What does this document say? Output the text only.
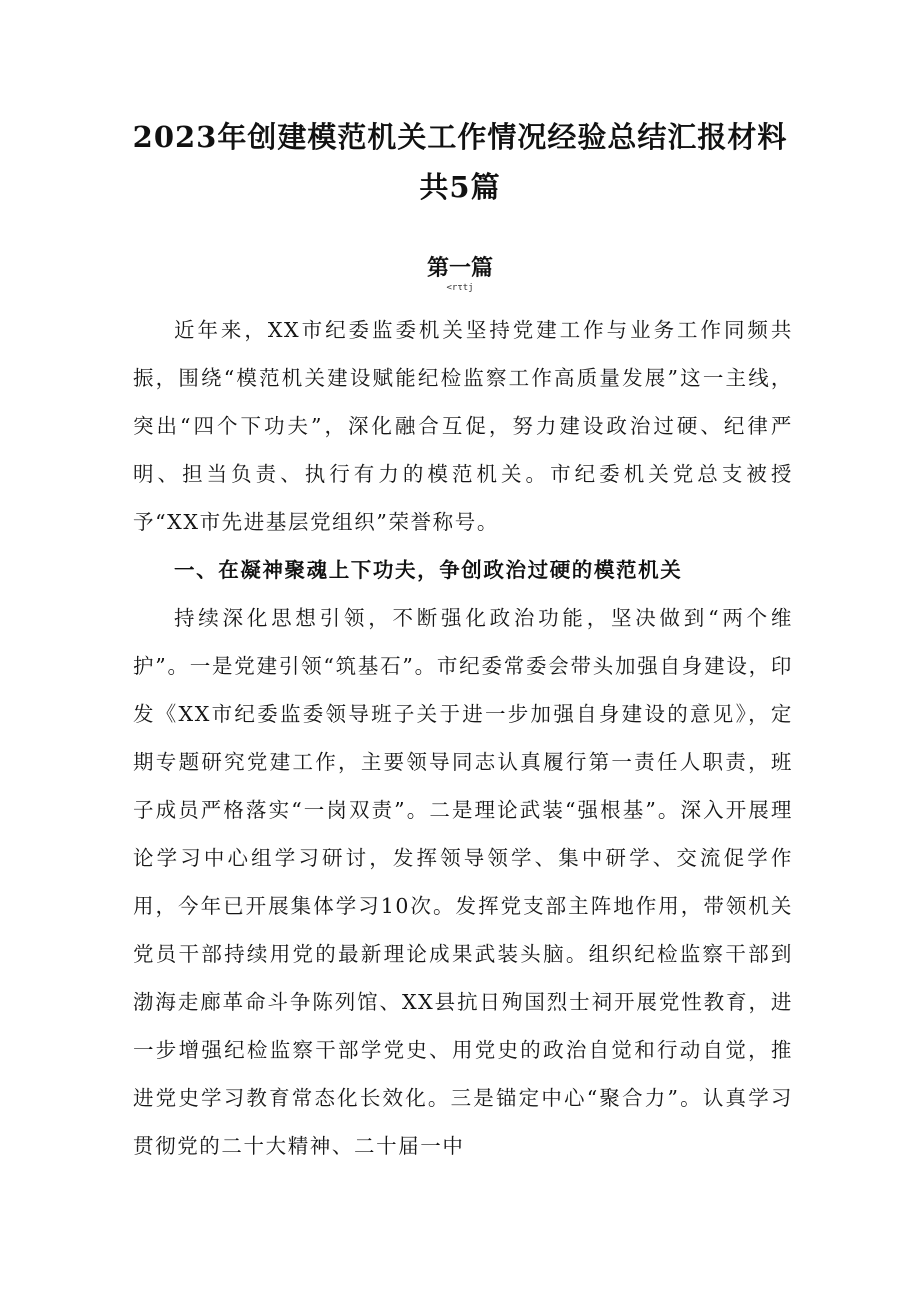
2023年创建模范机关工作情况经验总结汇报材料
共5篇
第一篇
<rτtj
近年来，XX市纪委监委机关坚持党建工作与业务工作同频共振，围绕“模范机关建设赋能纪检监察工作高质量发展”这一主线，突出“四个下功夫”，深化融合互促，努力建设政治过硬、纪律严明、担当负责、执行有力的模范机关。市纪委机关党总支被授予“XX市先进基层党组织”荣誉称号。
一、在凝神聚魂上下功夫，争创政治过硬的模范机关
持续深化思想引领，不断强化政治功能，坚决做到“两个维护”。一是党建引领“筑基石”。市纪委常委会带头加强自身建设，印发《XX市纪委监委领导班子关于进一步加强自身建设的意见》，定期专题研究党建工作，主要领导同志认真履行第一责任人职责，班子成员严格落实“一岗双责”。二是理论武装“强根基”。深入开展理论学习中心组学习研讨，发挥领导领学、集中研学、交流促学作用，今年已开展集体学习10次。发挥党支部主阵地作用，带领机关党员干部持续用党的最新理论成果武装头脑。组织纪检监察干部到渤海走廊革命斗争陈列馆、XX县抗日殉国烈士祠开展党性教育，进一步增强纪检监察干部学党史、用党史的政治自觉和行动自觉，推进党史学习教育常态化长效化。三是锚定中心“聚合力”。认真学习贯彻党的二十大精神、二十届一中
